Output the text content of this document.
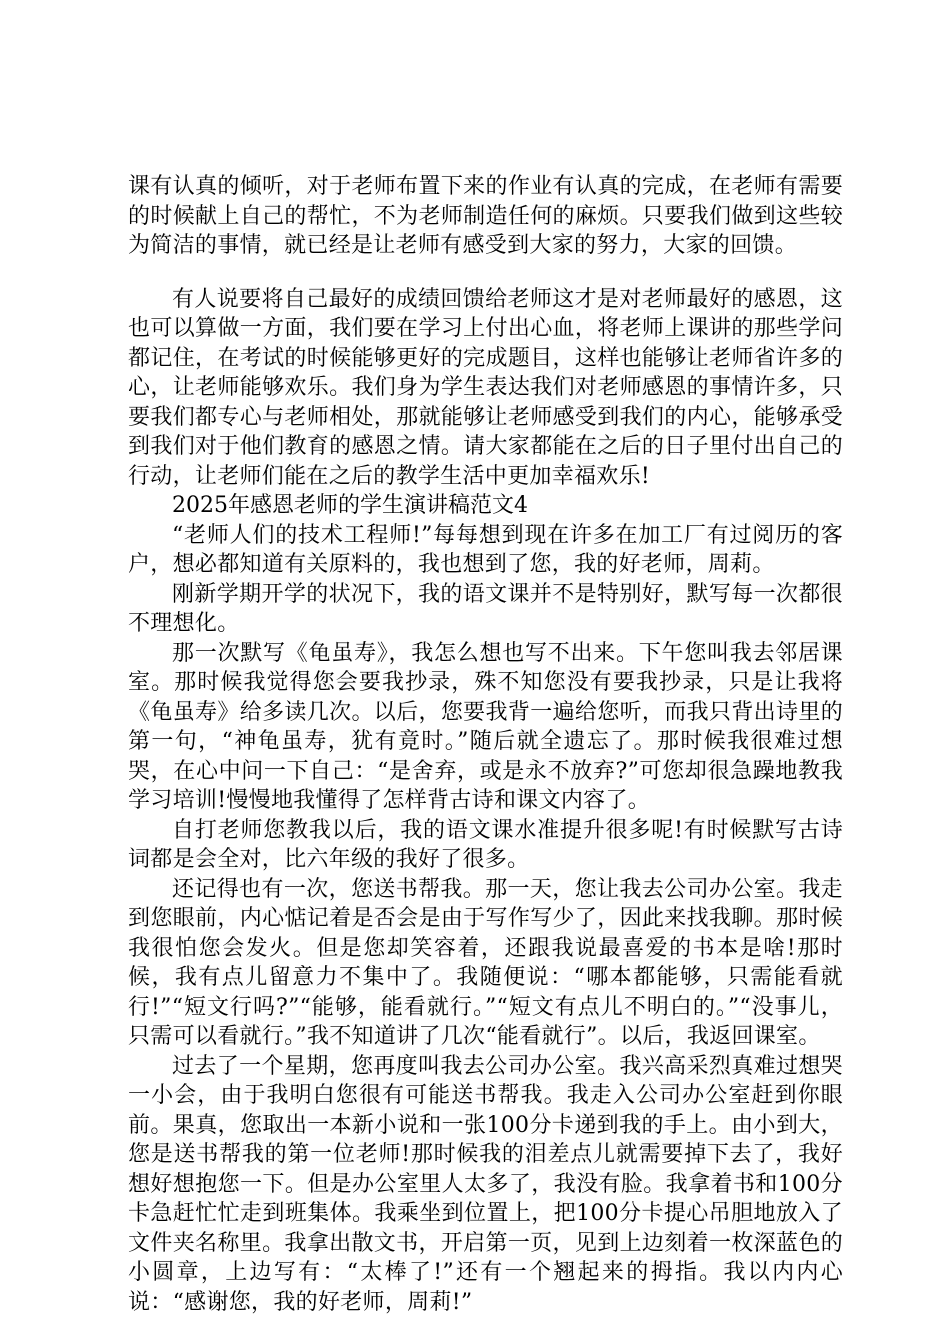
课有认真的倾听，对于老师布置下来的作业有认真的完成，在老师有需要的时候献上自己的帮忙，不为老师制造任何的麻烦。只要我们做到这些较为简洁的事情，就已经是让老师有感受到大家的努力，大家的回馈。

有人说要将自己最好的成绩回馈给老师这才是对老师最好的感恩，这也可以算做一方面，我们要在学习上付出心血，将老师上课讲的那些学问都记住，在考试的时候能够更好的完成题目，这样也能够让老师省许多的心，让老师能够欢乐。我们身为学生表达我们对老师感恩的事情许多，只要我们都专心与老师相处，那就能够让老师感受到我们的内心，能够承受到我们对于他们教育的感恩之情。请大家都能在之后的日子里付出自己的行动，让老师们能在之后的教学生活中更加幸福欢乐!

2025年感恩老师的学生演讲稿范文4

“老师人们的技术工程师!”每每想到现在许多在加工厂有过阅历的客户，想必都知道有关原料的，我也想到了您，我的好老师，周莉。

刚新学期开学的状况下，我的语文课并不是特别好，默写每一次都很不理想化。

那一次默写《龟虽寿》，我怎么想也写不出来。下午您叫我去邻居课室。那时候我觉得您会要我抄录，殊不知您没有要我抄录，只是让我将《龟虽寿》给多读几次。以后，您要我背一遍给您听，而我只背出诗里的第一句，“神龟虽寿，犹有竟时。”随后就全遗忘了。那时候我很难过想哭，在心中问一下自己：“是舍弃，或是永不放弃?”可您却很急躁地教我学习培训!慢慢地我懂得了怎样背古诗和课文内容了。

自打老师您教我以后，我的语文课水准提升很多呢!有时候默写古诗词都是会全对，比六年级的我好了很多。

还记得也有一次，您送书帮我。那一天，您让我去公司办公室。我走到您眼前，内心惦记着是否会是由于写作写少了，因此来找我聊。那时候我很怕您会发火。但是您却笑容着，还跟我说最喜爱的书本是啥!那时候，我有点儿留意力不集中了。我随便说：“哪本都能够，只需能看就行!”“短文行吗?”“能够，能看就行。”“短文有点儿不明白的。”“没事儿，只需可以看就行。”我不知道讲了几次“能看就行”。以后，我返回课室。

过去了一个星期，您再度叫我去公司办公室。我兴高采烈真难过想哭一小会，由于我明白您很有可能送书帮我。我走入公司办公室赶到你眼前。果真，您取出一本新小说和一张100分卡递到我的手上。由小到大，您是送书帮我的第一位老师!那时候我的泪差点儿就需要掉下去了，我好想好想抱您一下。但是办公室里人太多了，我没有脸。我拿着书和100分卡急赶忙忙走到班集体。我乘坐到位置上，把100分卡提心吊胆地放入了文件夹名称里。我拿出散文书，开启第一页，见到上边刻着一枚深蓝色的小圆章，上边写有：“太棒了!”还有一个翘起来的拇指。我以内内心说：“感谢您，我的好老师，周莉!”
